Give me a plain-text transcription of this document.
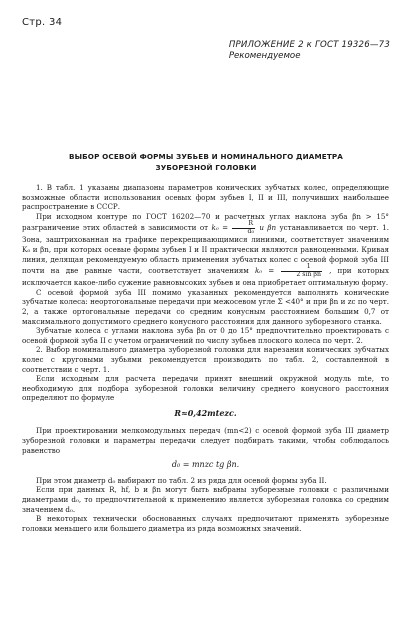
Стр. 34
ПРИЛОЖЕНИЕ 2 к ГОСТ 19326—73
Рекомендуемое
ВЫБОР ОСЕВОЙ ФОРМЫ ЗУБЬЕВ И НОМИНАЛЬНОГО ДИАМЕТРА
ЗУБОРЕЗНОЙ ГОЛОВКИ

1. В табл. 1 указаны диапазоны параметров конических зубчатых колес, определяющие возможные области использования осевых форм зубьев I, II и III, получивших наибольшее распространение в СССР.

При исходном контуре по ГОСТ 16202—70 и расчетных углах наклона зуба βn > 15° разграничение этих областей в зависимости от $k_0 = \frac{R}{\text{d₀}}$ и βn устанавливается по черт. 1. Зона, заштрихованная на графике перекрещивающимися линиями, соответствует значениям K₀ и βn, при которых осевые формы зубьев I и II практически являются равноценными. Кривая линия, делящая рекомендуемую область применения зубчатых колес с осевой формой зуба III почти на две равные части, соответствует значениям $k_0 = \frac{1}{\text{2 sin βn}}$ , при которых исключается какое-либо сужение равновысоких зубьев и она приобретает оптимальную форму.

С осевой формой зуба III помимо указанных рекомендуется выполнять конические зубчатые колеса: неортогональные передачи при межосевом угле Σ <40° и при βn и zc по черт. 2, а также ортогональные передачи со средним конусным расстоянием большим 0,7 от максимального допустимого среднего конусного расстояния для данного зуборезного станка.

Зубчатые колеса с углами наклона зуба βn от 0 до 15° предпочтительно проектировать с осевой формой зуба II с учетом ограничений по числу зубьев плоского колеса по черт. 2.

2. Выбор номинального диаметра зуборезной головки для нарезания конических зубчатых колес с круговыми зубьями рекомендуется производить по табл. 2, составленной в соответствии с черт. 1.

Если исходным для расчета передачи принят внешний окружной модуль mte, то необходимую для подбора зуборезной головки величину среднего конусного расстояния определяют по формуле

R≈0,42mtezc.

При проектировании мелкомодульных передач (mn<2) с осевой формой зуба III диаметр зуборезной головки и параметры передачи следует подбирать такими, чтобы соблюдалось равенство

d₀ = mnzc tg βn.

При этом диаметр d₀ выбирают по табл. 2 из ряда для осевой формы зуба II.

Если при данных R, hf, b и βn могут быть выбраны зуборезные головки с различными диаметрами d₀, то предпочтительной к применению является зуборезная головка со средним значением d₀.

В некоторых технически обоснованных случаях предпочитают применять зуборезные головки меньшего или большего диаметра из ряда возможных значений.
